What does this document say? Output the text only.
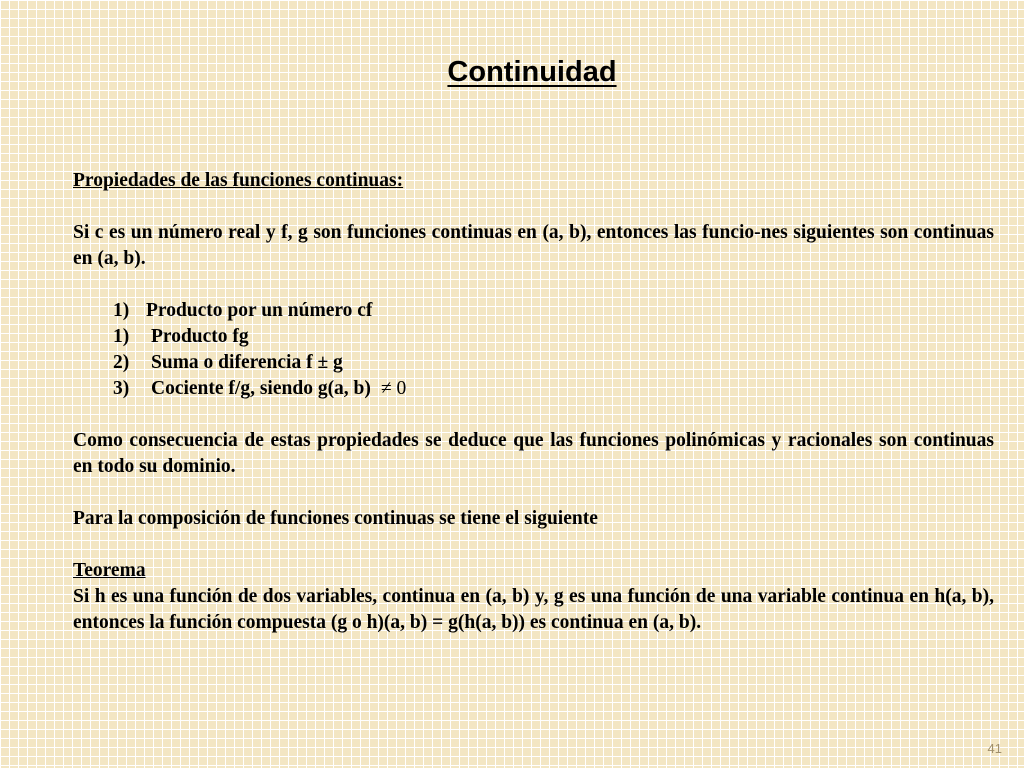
Continuidad

Propiedades de las funciones continuas:

Si c es un número real y f, g son funciones continuas en (a, b), entonces las funcio-nes siguientes son continuas en (a, b).

1) Producto por un número cf
1)	Producto fg
2)	Suma o diferencia f ± g
3)	Cociente f/g, siendo g(a, b) ≠ 0

Como consecuencia de estas propiedades se deduce que las funciones polinómicas y racionales son continuas en todo su dominio.

Para la composición de funciones continuas se tiene el siguiente

Teorema

Si h es una función de dos variables, continua en (a, b) y, g es una función de una variable continua en h(a, b), entonces la función compuesta (g o h)(a, b) = g(h(a, b)) es continua en (a, b).

41
